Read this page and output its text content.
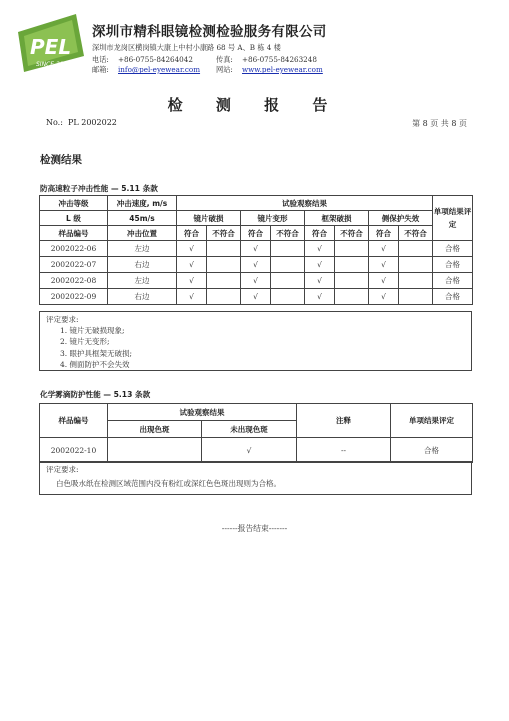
PEL
SINCE 2007
深圳市精科眼镜检测检验服务有限公司
深圳市龙岗区横岗镇大康上中村小康路 68 号 A、B 栋 4 楼
电话: +86-0755-84264042	传真: +86-0755-84263248
邮箱: info@pel-eyewear.com 网站: www.pel-eyewear.com
检 测 报 告
No.: PL 2002022	第 8 页 共 8 页
检测结果
防高速粒子冲击性能 — 5.11 条款
冲击等级	冲击速度, m/s	试验观察结果								单项结果评定
L 级	45m/s	镜片破损		镜片变形		框架破损		侧保护失效		
样品编号	冲击位置	符合	不符合	符合	不符合	符合	不符合	符合	不符合	
2002022-06	左边	√		√		√		√		合格
2002022-07	右边	√		√		√		√		合格
2002022-08	左边	√		√		√		√		合格
2002022-09	右边	√		√		√		√		合格
评定要求:
1. 镜片无破损现象;
2. 镜片无变形;
3. 眼护具框架无破损;
4. 侧面防护不会失效
化学雾滴防护性能 — 5.13 条款
样品编号	试验观察结果		注释	单项结果评定
	出现色斑	未出现色斑		
2002022-10		√	--	合格
评定要求:
白色吸水纸在检测区域范围内没有粉红或深红色色斑出现则为合格。
------报告结束-------
